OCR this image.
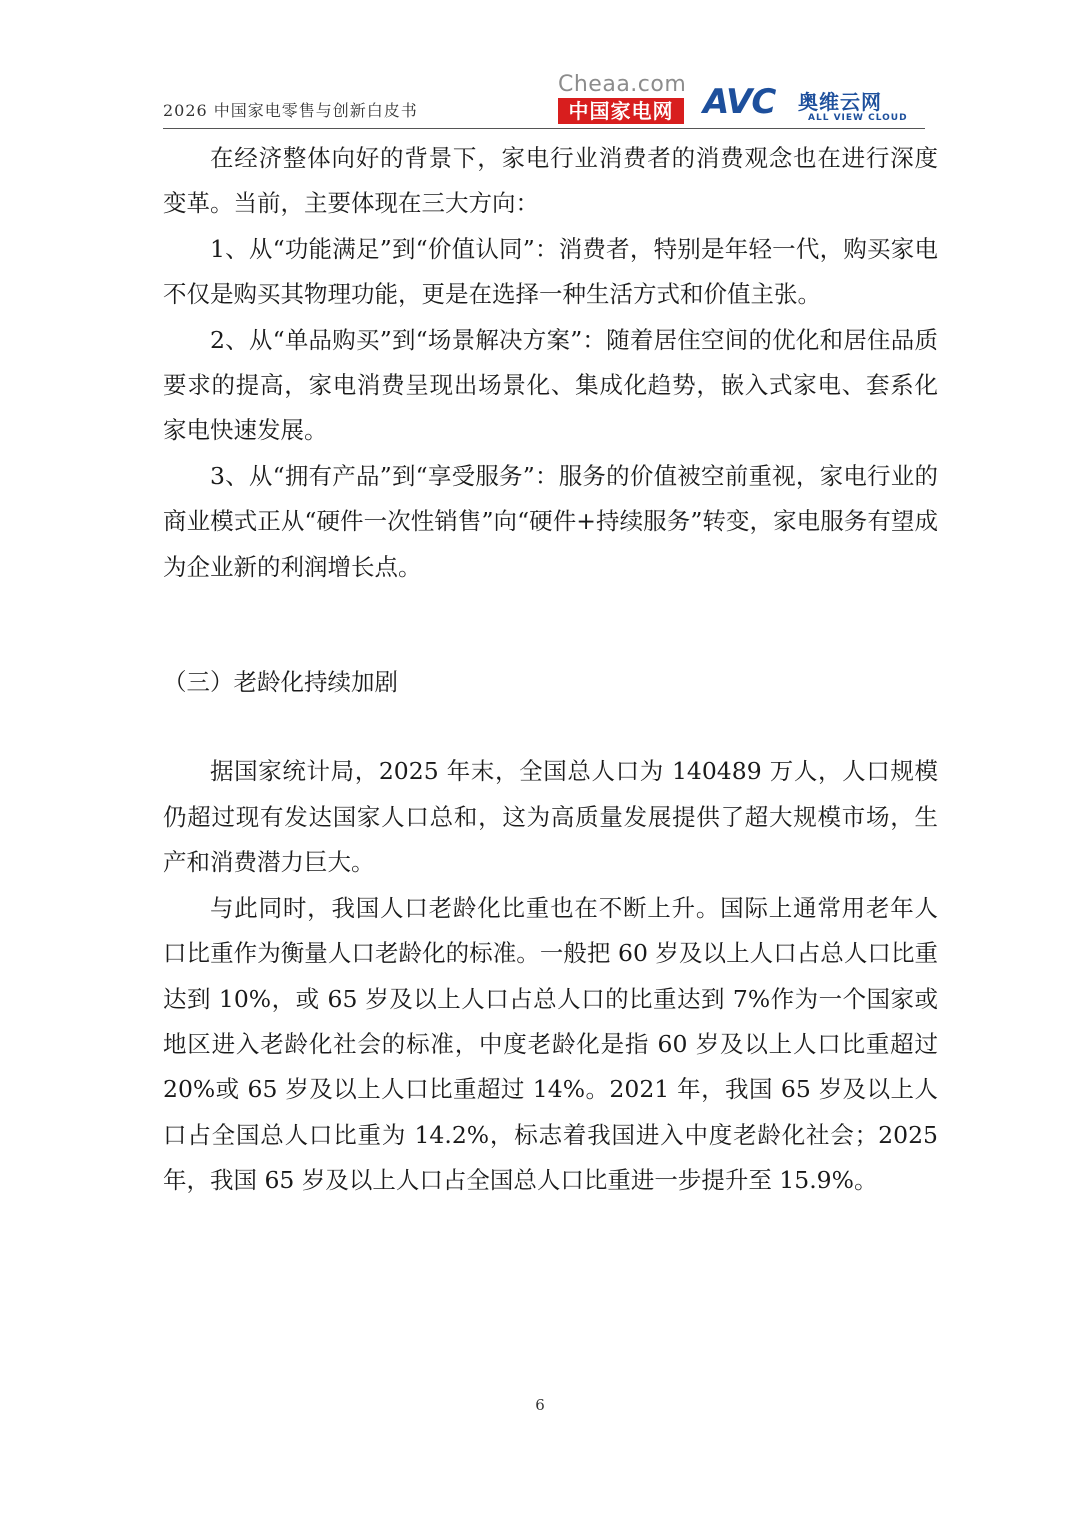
2026 中国家电零售与创新白皮书
Cheaa.com
中国家电网 AVC 奥维云网
ALL VIEW CLOUD

在经济整体向好的背景下，家电行业消费者的消费观念也在进行深度变革。当前，主要体现在三大方向：

1、从“功能满足”到“价值认同”：消费者，特别是年轻一代，购买家电不仅是购买其物理功能，更是在选择一种生活方式和价值主张。

2、从“单品购买”到“场景解决方案”：随着居住空间的优化和居住品质要求的提高，家电消费呈现出场景化、集成化趋势，嵌入式家电、套系化家电快速发展。

3、从“拥有产品”到“享受服务”：服务的价值被空前重视，家电行业的商业模式正从“硬件一次性销售”向“硬件+持续服务”转变，家电服务有望成为企业新的利润增长点。

（三）老龄化持续加剧

据国家统计局，2025 年末，全国总人口为 140489 万人，人口规模仍超过现有发达国家人口总和，这为高质量发展提供了超大规模市场，生产和消费潜力巨大。

与此同时，我国人口老龄化比重也在不断上升。国际上通常用老年人口比重作为衡量人口老龄化的标准。一般把 60 岁及以上人口占总人口比重达到 10%，或 65 岁及以上人口占总人口的比重达到 7%作为一个国家或地区进入老龄化社会的标准，中度老龄化是指 60 岁及以上人口比重超过 20%或 65 岁及以上人口比重超过 14%。2021 年，我国 65 岁及以上人口占全国总人口比重为 14.2%，标志着我国进入中度老龄化社会；2025 年，我国 65 岁及以上人口占全国总人口比重进一步提升至 15.9%。

6
